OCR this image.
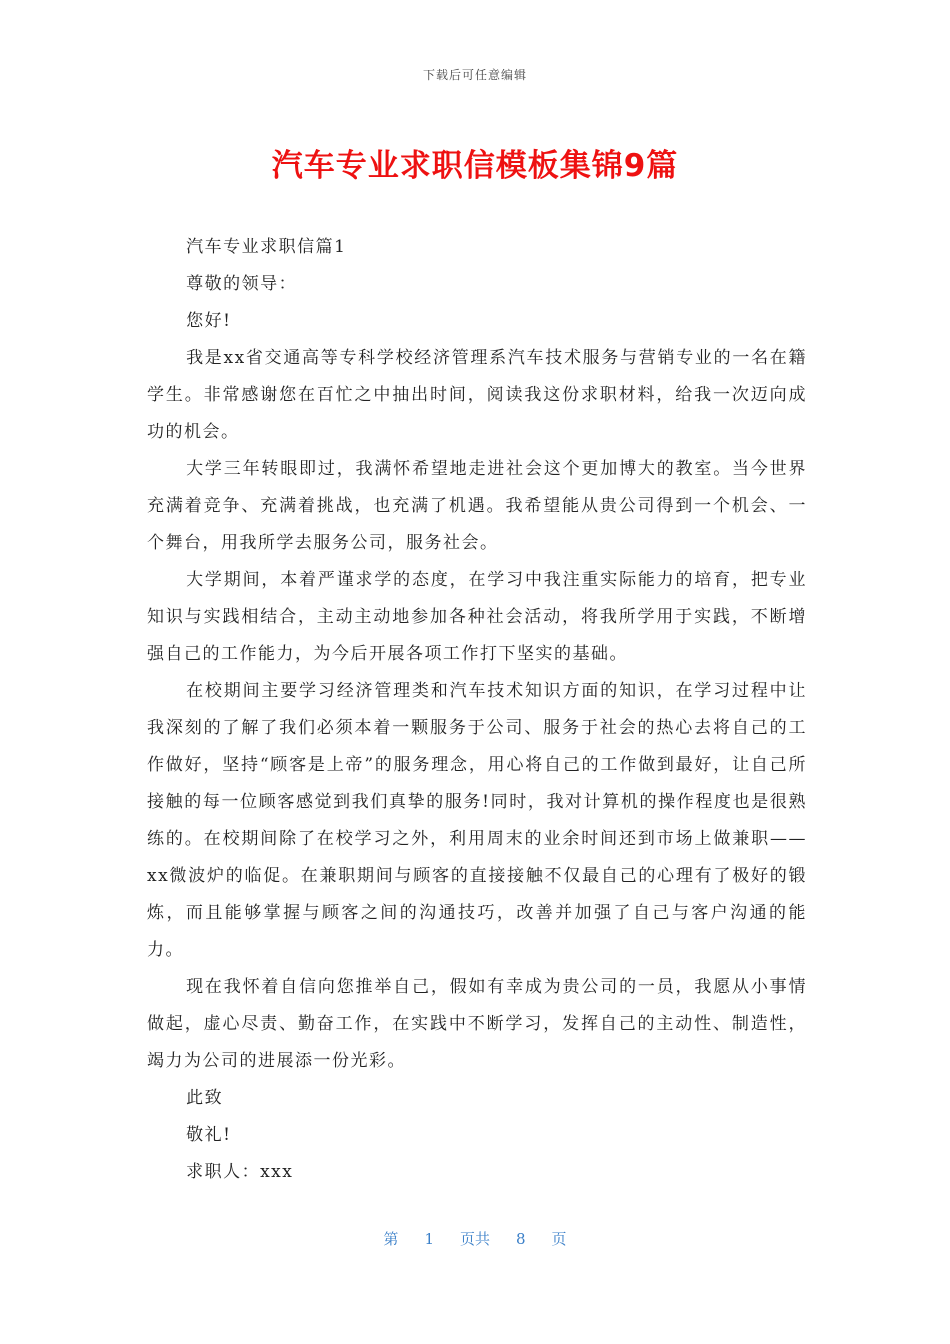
下载后可任意编辑
汽车专业求职信模板集锦9篇

汽车专业求职信篇1

尊敬的领导：

您好!

我是xx省交通高等专科学校经济管理系汽车技术服务与营销专业的一名在籍学生。非常感谢您在百忙之中抽出时间，阅读我这份求职材料，给我一次迈向成功的机会。

大学三年转眼即过，我满怀希望地走进社会这个更加博大的教室。当今世界充满着竞争、充满着挑战，也充满了机遇。我希望能从贵公司得到一个机会、一个舞台，用我所学去服务公司，服务社会。

大学期间，本着严谨求学的态度，在学习中我注重实际能力的培育，把专业知识与实践相结合，主动主动地参加各种社会活动，将我所学用于实践，不断增强自己的工作能力，为今后开展各项工作打下坚实的基础。

在校期间主要学习经济管理类和汽车技术知识方面的知识，在学习过程中让我深刻的了解了我们必须本着一颗服务于公司、服务于社会的热心去将自己的工作做好，坚持“顾客是上帝”的服务理念，用心将自己的工作做到最好，让自己所接触的每一位顾客感觉到我们真挚的服务!同时，我对计算机的操作程度也是很熟练的。在校期间除了在校学习之外，利用周末的业余时间还到市场上做兼职——xx微波炉的临促。在兼职期间与顾客的直接接触不仅最自己的心理有了极好的锻炼，而且能够掌握与顾客之间的沟通技巧，改善并加强了自己与客户沟通的能力。

现在我怀着自信向您推举自己，假如有幸成为贵公司的一员，我愿从小事情做起，虚心尽责、勤奋工作，在实践中不断学习，发挥自己的主动性、制造性，竭力为公司的进展添一份光彩。

此致

敬礼!

求职人：xxx

第 1 页共 8 页
